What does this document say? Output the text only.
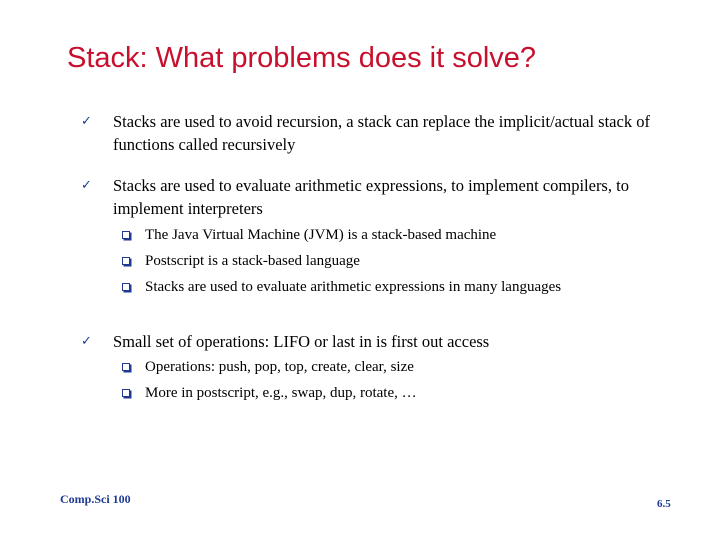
Stack: What problems does it solve?
✓ Stacks are used to avoid recursion, a stack can replace the implicit/actual stack of functions called recursively
✓ Stacks are used to evaluate arithmetic expressions, to implement compilers, to implement interpreters
The Java Virtual Machine (JVM) is a stack-based machine
Postscript is a stack-based language
Stacks are used to evaluate arithmetic expressions in many languages
✓ Small set of operations: LIFO or last in is first out access
Operations: push, pop, top, create, clear, size
More in postscript, e.g., swap, dup, rotate, …
Comp.Sci 100	6.5
